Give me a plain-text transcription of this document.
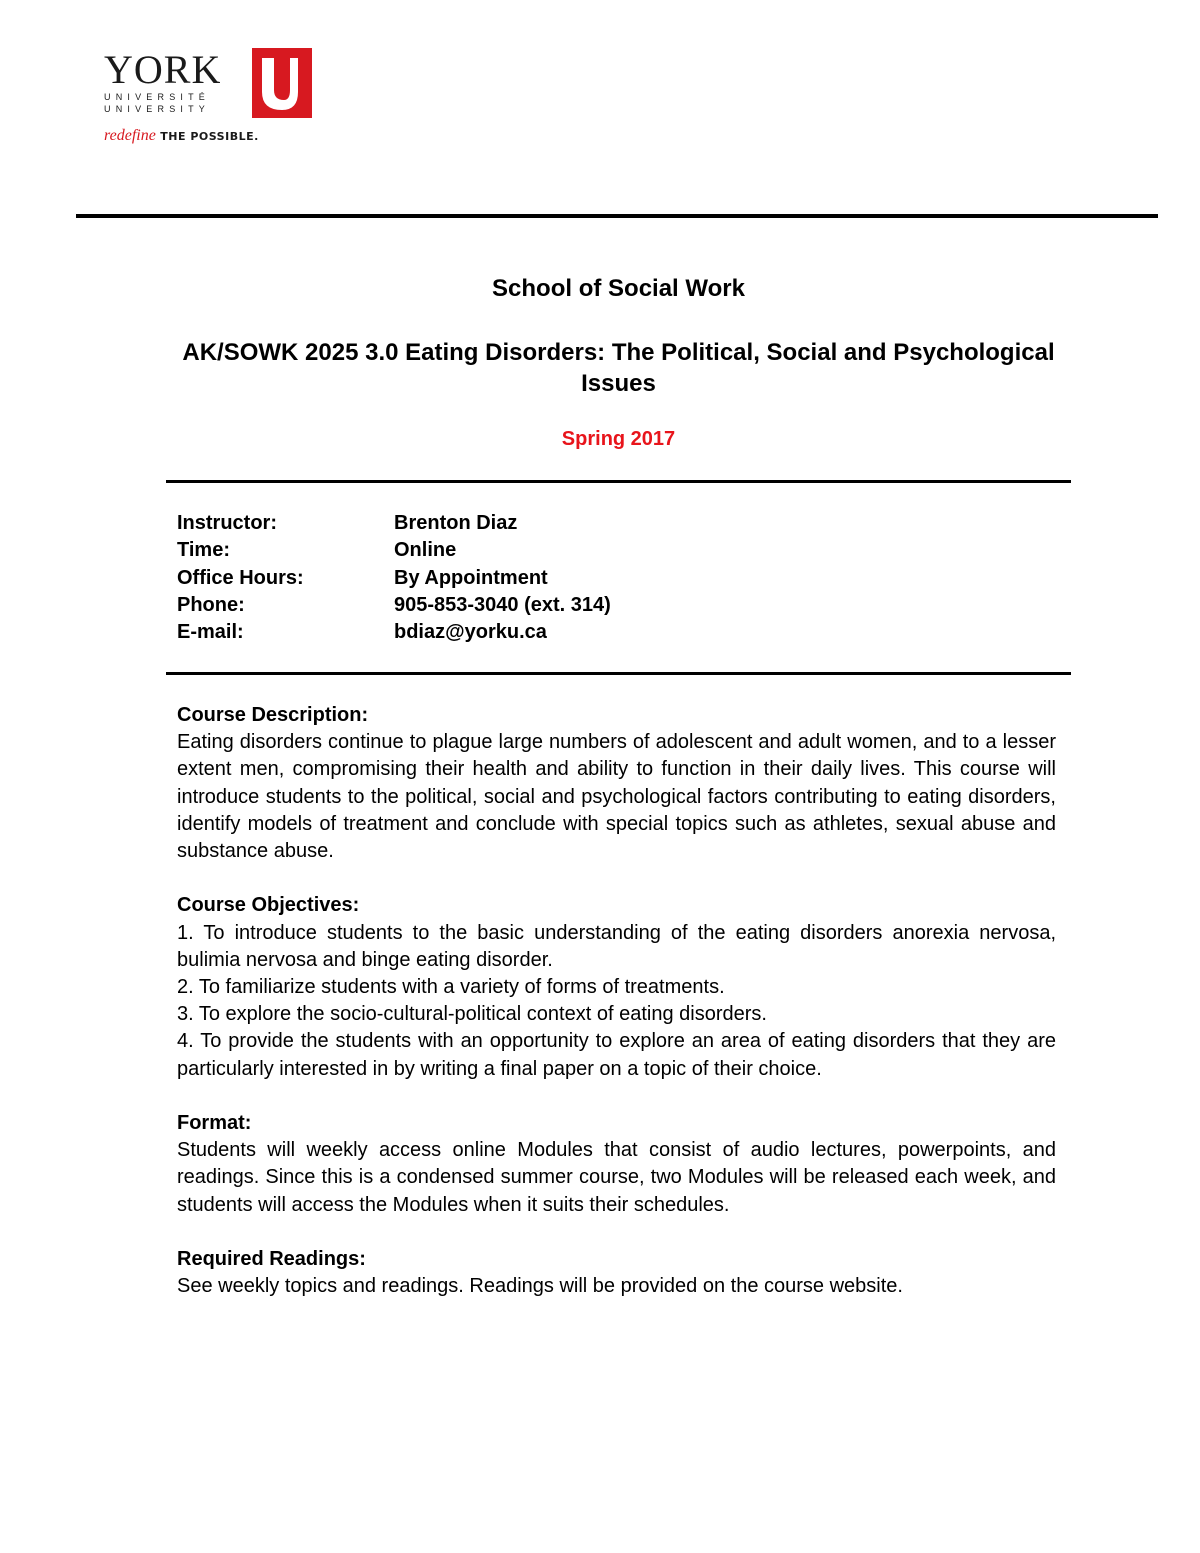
YORK
UNIVERSITÉ
UNIVERSITY
redefine THE POSSIBLE.
School of Social Work
AK/SOWK 2025 3.0 Eating Disorders: The Political, Social and Psychological Issues
Spring 2017
Instructor:	Brenton Diaz
Time:	Online
Office Hours:	By Appointment
Phone:	905-853-3040 (ext. 314)
E-mail:	bdiaz@yorku.ca
Course Description:
Eating disorders continue to plague large numbers of adolescent and adult women, and to a lesser extent men, compromising their health and ability to function in their daily lives. This course will introduce students to the political, social and psychological factors contributing to eating disorders, identify models of treatment and conclude with special topics such as athletes, sexual abuse and substance abuse.
Course Objectives:
1. To introduce students to the basic understanding of the eating disorders anorexia nervosa, bulimia nervosa and binge eating disorder.
2. To familiarize students with a variety of forms of treatments.
3. To explore the socio-cultural-political context of eating disorders.
4. To provide the students with an opportunity to explore an area of eating disorders that they are particularly interested in by writing a final paper on a topic of their choice.
Format:
Students will weekly access online Modules that consist of audio lectures, powerpoints, and readings. Since this is a condensed summer course, two Modules will be released each week, and students will access the Modules when it suits their schedules.
Required Readings:
See weekly topics and readings. Readings will be provided on the course website.
